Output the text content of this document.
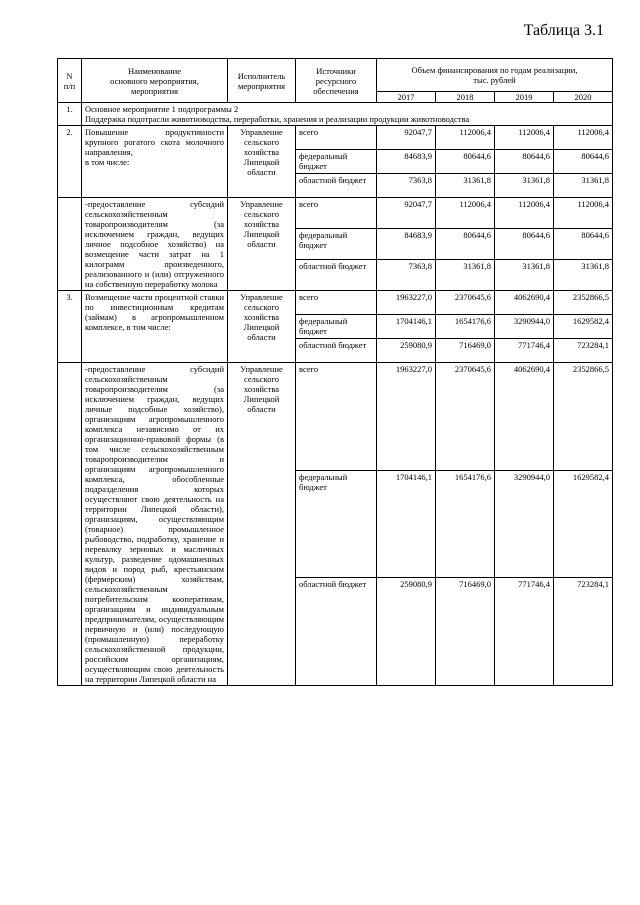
Таблица 3.1
N
п/п	Наименование
основного мероприятия,
мероприятия	Исполнитель
мероприятия	Источники
ресурсного
обеспечения	Объем финансирования по годам реализации,
тыс. рублей			
				2017	2018	2019	2020
1.	Основное мероприятие 1 подпрограммы 2
Поддержка подотрасли животноводства, переработки, хранения и реализации продукции животноводства						

2.	Повышение продуктивности крупного рогатого скота молочного направления,
в том числе:	Управление сельского хозяйства Липецкой области	всего	92047,7	112006,4	112006,4	112006,4
			федеральный бюджет	84683,9	80644,6	80644,6	80644,6
			областной бюджет	7363,8	31361,8	31361,8	31361,8
	-предоставление субсидий сельскохозяйственным товаропроизводителям (за исключением граждан, ведущих личное подсобное хозяйство) на возмещение части затрат на 1 килограмм произведенного, реализованного и (или) отгруженного на собственную переработку молока	Управление сельского хозяйства Липецкой области	всего	92047,7	112006,4	112006,4	112006,4
			федеральный бюджет	84683,9	80644,6	80644,6	80644,6
			областной бюджет	7363,8	31361,8	31361,8	31361,8
3.	Возмещение части процентной ставки по инвестиционным кредитам (займам) в агропромышленном комплексе, в том числе:	Управление сельского хозяйства Липецкой области	всего	1963227,0	2370645,6	4062690,4	2352866,5
			федеральный бюджет	1704146,1	1654176,6	3290944,0	1629582,4
			областной бюджет	259080,9	716469,0	771746,4	723284,1
	-предоставление субсидий сельскохозяйственным товаропроизводителям (за исключением граждан, ведущих личные подсобные хозяйство), организациям агропромышленного комплекса независимо от их организационно-правовой формы (в том числе сельскохозяйственным товаропроизводителям и организациям агропромышленного комплекса, обособленные подразделения которых осуществляют свою деятельность на территории Липецкой области), организациям, осуществляющим (товарное) промышленное рыбоводство, подработку, хранение и перевалку зерновых и масличных культур, разведение одомашненных видов и пород рыб, крестьянским (фермерским) хозяйствам, сельскохозяйственным потребительским кооперативам, организациям и индивидуальным предпринимателям, осуществляющим первичную и (или) последующую (промышленную) переработку сельскохозяйственной продукции, российским организациям, осуществляющим свою деятельность на территории Липецкой области на	Управление сельского хозяйства Липецкой области	всего	1963227,0	2370645,6	4062690,4	2352866,5
			федеральный бюджет	1704146,1	1654176,6	3290944,0	1629582,4
			областной бюджет	259080,9	716469,0	771746,4	723284,1
